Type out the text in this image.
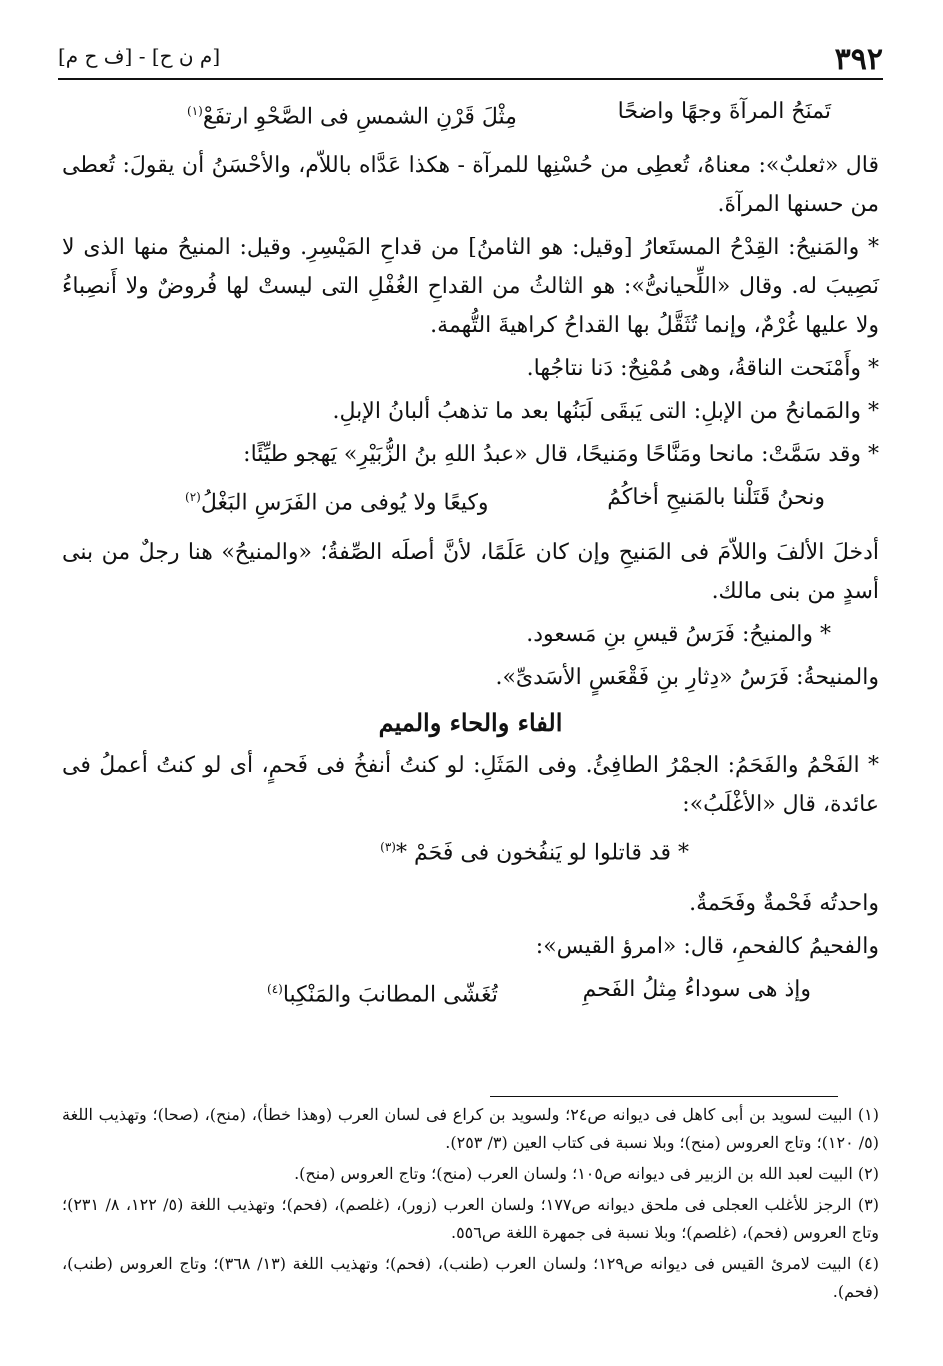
٣٩٢
[م ن ح] - [ف ح م]
تَمنَحُ المرآةَ وجهًا واضحًا
مِثْلَ قَرْنِ الشمسِ فى الصَّحْوِ ارتفَعْ$^{(١)}$

قال «ثعلبٌ»: معناهُ، تُعطِى من حُسْنِها للمرآة - هكذا عَدَّاه باللاّم، والأحْسَنُ أن يقولَ: تُعطى من حسنها المرآةَ.

* والمَنيحُ: القِدْحُ المستَعارُ [وقيل: هو الثامنُ] من قداحِ المَيْسِرِ. وقيل: المنيحُ منها الذى لا نَصِيبَ له. وقال «اللِّحيانىُّ»: هو الثالثُ من القداحِ الغُفْلِ التى ليستْ لها فُروضٌ ولا أَنصِباءُ ولا عليها غُرْمٌ، وإنما تُثَقَّلُ بها القداحُ كراهيةَ التُّهمة.

* وأَمْنَحت الناقةُ، وهى مُمْنِحٌ: دَنا نتاجُها.

* والمَمانحُ من الإبلِ: التى يَبقَى لَبَنُها بعد ما تذهبُ ألبانُ الإبلِ.

* وقد سَمَّتْ: مانحا ومَنَّاحًا ومَنيحًا، قال «عبدُ اللهِ بنُ الزُّبَيْرِ» يَهجو طيِّئًا:

ونحنُ قَتَلْنا بالمَنيحِ أخاكُمُ
وكيعًا ولا يُوفى من الفَرَسِ البَغْلُ$^{(٢)}$

أدخلَ الألفَ واللاّمَ فى المَنيحِ وإن كان عَلَمًا، لأنَّ أصلَه الصِّفةُ؛ «والمنيحُ» هنا رجلٌ من بنى أسدٍ من بنى مالك.

* والمنيحُ: فَرَسُ قيسِ بنِ مَسعود.

والمنيحةُ: فَرَسُ «دِثارِ بنِ فَقْعَسٍ الأسَدىِّ».

الفاء والحاء والميم

* الفَحْمُ والفَحَمُ: الجمْرُ الطافِئُ. وفى المَثَلِ: لو كنتُ أنفخُ فى فَحمٍ، أى لو كنتُ أعملُ فى عائدة، قال «الأغْلَبُ»:

* قد قاتلوا لو يَنفُخون فى فَحَمْ *$^{(٣)}$

واحدتُه فَحْمةٌ وفَحَمةٌ.

والفحيمُ كالفحمِ، قال: «امرؤ القيس»:

وإذ هى سوداءُ مِثلُ الفَحمِ
تُغَشّى المطانبَ والمَنْكِبا$^{(٤)}$

(١) البيت لسويد بن أبى كاهل فى ديوانه ص٢٤؛ ولسويد بن كراع فى لسان العرب (وهذا خطأ)، (منح)، (صحا)؛ وتهذيب اللغة (٥/ ١٢٠)؛ وتاج العروس (منح)؛ وبلا نسبة فى كتاب العين (٣/ ٢٥٣).

(٢) البيت لعبد الله بن الزبير فى ديوانه ص١٠٥؛ ولسان العرب (منح)؛ وتاج العروس (منح).

(٣) الرجز للأغلب العجلى فى ملحق ديوانه ص١٧٧؛ ولسان العرب (زور)، (غلصم)، (فحم)؛ وتهذيب اللغة (٥/ ١٢٢، ٨/ ٢٣١)؛ وتاج العروس (فحم)، (غلصم)؛ وبلا نسبة فى جمهرة اللغة ص٥٥٦.

(٤) البيت لامرئ القيس فى ديوانه ص١٢٩؛ ولسان العرب (طنب)، (فحم)؛ وتهذيب اللغة (١٣/ ٣٦٨)؛ وتاج العروس (طنب)، (فحم).
